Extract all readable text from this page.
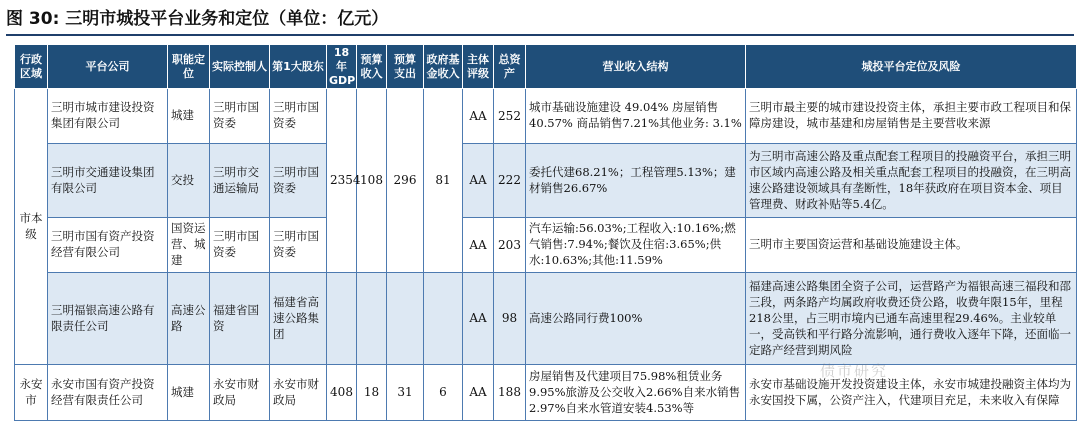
图 30: 三明市城投平台业务和定位（单位：亿元）
行政区域	平台公司	职能定位	实际控制人	第1大股东	18年GDP	预算收入	预算支出	政府基金收入	主体评级	总资产	营业收入结构	城投平台定位及风险
市本级	三明市城市建设投资集团有限公司	城建	三明市国资委	三明市国资委	2354	108	296	81	AA	252	城市基础设施建设 49.04% 房屋销售 40.57% 商品销售7.21%其他业务: 3.1%	三明市最主要的城市建设投资主体，承担主要市政工程项目和保障房建设，城市基建和房屋销售是主要营收来源
	三明市交通建设集团有限公司	交投	三明市交通运输局	三明市国资委					AA	222	委托代建68.21%；工程管理5.13%；建材销售26.67%	为三明市高速公路及重点配套工程项目的投融资平台，承担三明市区域内高速公路及相关重点配套工程项目的投融资，在三明高速公路建设领域具有垄断性，18年获政府在项目资本金、项目管理费、财政补贴等5.4亿。
	三明市国有资产投资经营有限公司	国资运营、城建	三明市国资委	三明市国资委					AA	203	汽车运输:56.03%;工程收入:10.16%;燃气销售:7.94%;餐饮及住宿:3.65%;供水:10.63%;其他:11.59%	三明市主要国资运营和基础设施建设主体。
	三明福银高速公路有限责任公司	高速公路	福建省国资	福建省高速公路集团					AA	98	高速公路同行费100%	福建高速公路集团全资子公司，运营路产为福银高速三福段和邵三段，两条路产均属政府收费还贷公路，收费年限15年，里程218公里，占三明市境内已通车高速里程29.46%。主业较单一，受高铁和平行路分流影响，通行费收入逐年下降，还面临一定路产经营到期风险
永安市	永安市国有资产投资经营有限责任公司	城建	永安市财政局	永安市财政局	408	18	31	6	AA	188	房屋销售及代建项目75.98%租赁业务9.95%旅游及公交收入2.66%自来水销售2.97%自来水管道安装4.53%等	永安市基础设施开发投资建设主体，永安市城建投融资主体均为永安国投下属，公资产注入，代建项目充足，未来收入有保障
债市研究
